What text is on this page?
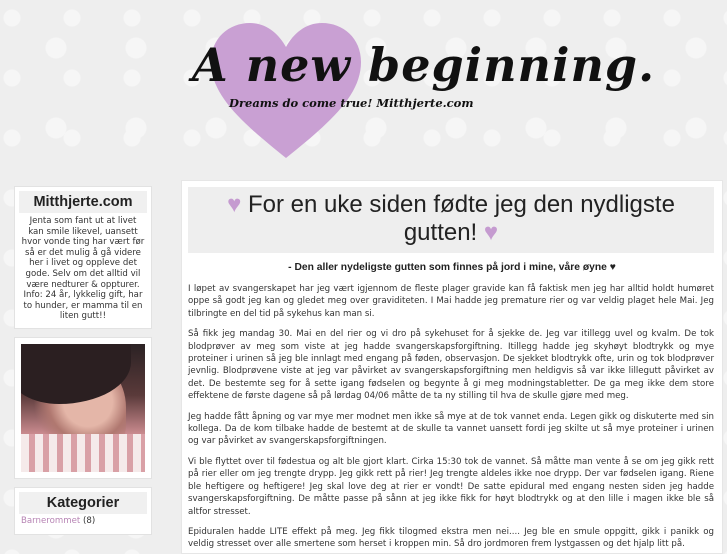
A new beginning.
Dreams do come true! Mitthjerte.com
Mitthjerte.com
Jenta som fant ut at livet kan smile likevel, uansett hvor vonde ting har vært før så er det mulig å gå videre her i livet og oppleve det gode. Selv om det alltid vil være nedturer & oppturer. Info: 24 år, lykkelig gift, har to hunder, er mamma til en liten gutt!!
Kategorier
Barnerommet (8)
♥ For en uke siden fødte jeg den nydligste gutten! ♥
- Den aller nydeligste gutten som finnes på jord i mine, våre øyne ♥

I løpet av svangerskapet har jeg vært igjennom de fleste plager gravide kan få faktisk men jeg har alltid holdt humøret oppe så godt jeg kan og gledet meg over graviditeten. I Mai hadde jeg premature rier og var veldig plaget hele Mai. Jeg tilbringte en del tid på sykehus kan man si.

Så fikk jeg mandag 30. Mai en del rier og vi dro på sykehuset for å sjekke de. Jeg var itillegg uvel og kvalm. De tok blodprøver av meg som viste at jeg hadde svangerskapsforgiftning. Itillegg hadde jeg skyhøyt blodtrykk og mye proteiner i urinen så jeg ble innlagt med engang på føden, observasjon. De sjekket blodtrykk ofte, urin og tok blodprøver jevnlig. Blodprøvene viste at jeg var påvirket av svangerskapsforgiftning men heldigvis så var ikke lillegutt påvirket av det. De bestemte seg for å sette igang fødselen og begynte å gi meg modningstabletter. De ga meg ikke dem store effektene de første dagene så på lørdag 04/06 måtte de ta ny stilling til hva de skulle gjøre med meg.

Jeg hadde fått åpning og var mye mer modnet men ikke så mye at de tok vannet enda. Legen gikk og diskuterte med sin kollega. Da de kom tilbake hadde de bestemt at de skulle ta vannet uansett fordi jeg skilte ut så mye proteiner i urinen og var påvirket av svangerskapsforgiftningen.

Vi ble flyttet over til fødestua og alt ble gjort klart. Cirka 15:30 tok de vannet. Så måtte man vente å se om jeg gikk rett på rier eller om jeg trengte drypp. Jeg gikk rett på rier! Jeg trengte aldeles ikke noe drypp. Der var fødselen igang. Riene ble heftigere og heftigere! Jeg skal love deg at rier er vondt! De satte epidural med engang nesten siden jeg hadde svangerskapsforgiftning. De måtte passe på sånn at jeg ikke fikk for høyt blodtrykk og at den lille i magen ikke ble så altfor stresset.

Epiduralen hadde LITE effekt på meg. Jeg fikk tilogmed ekstra men nei.... Jeg ble en smule oppgitt, gikk i panikk og veldig stresset over alle smertene som herset i kroppen min. Så dro jordmoren frem lystgassen og det hjalp litt på.
